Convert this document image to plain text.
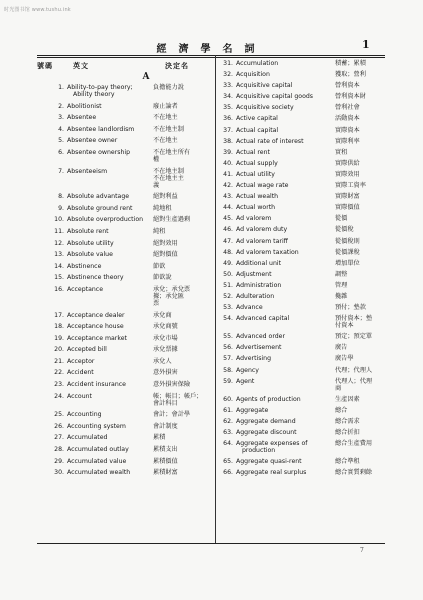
时光图书馆 www.tushu.ink
經濟學名詞	1
號碼	英文	決定名
A
1. Ability-to-pay theory;
Ability theory
負擔能力說
2. Abolitionist	廢止論者
3. Absentee	不在地主
4. Absentee landlordism	不在地主制
5. Absentee owner	不在地主
6. Absentee ownership	不在地主所有
權
7. Absenteeism	不在地主制
不在地主主
義
8. Absolute advantage	絕對利益
9. Absolute ground rent	純地租
10. Absolute overproduction	絕對生產過剩
11. Absolute rent	純租
12. Absolute utility	絕對效用
13. Absolute value	絕對價值
14. Abstinence	節欲
15. Abstinence theory	節欲說
16. Acceptance	承兌；承兌票
據；承兌匯
票
17. Acceptance dealer	承兌商
18. Acceptance house	承兌商號
19. Acceptance market	承兌市場
20. Accepted bill	承兌票據
21. Acceptor	承兌人
22. Accident	意外損害
23. Accident insurance	意外損害保險
24. Account	帳；帳目；帳戶；
會計科目
25. Accounting	會計；會計學
26. Accounting system	會計制度
27. Accumulated	累積
28. Accumulated outlay	累積支出
29. Accumulated value	累積價值
30. Accumulated wealth	累積財富
31. Accumulation	積蓄；累積
32. Acquisition	獲取；營利
33. Acquisitive capital	營利資本
34. Acquisitive capital goods	營利資本財
35. Acquisitive society	營利社會
36. Active capital	活動資本
37. Actual capital	實際資本
38. Actual rate of interest	實際利率
39. Actual rent	實租
40. Actual supply	實際供給
41. Actual utility	實際效用
42. Actual wage rate	實際工資率
43. Actual wealth	實際財富
44. Actual worth	實際價值
45. Ad valorem	從價
46. Ad valorem duty	從價稅
47. Ad valorem tariff	從價稅則
48. Ad valorem taxation	從價課稅
49. Additional unit	增加單位
50. Adjustment	調整
51. Administration	管理
52. Adulteration	攙雜
53. Advance	預付；墊款
54. Advanced capital	預付資本；墊
付資本
55. Advanced order	預定；預定單
56. Advertisement	廣告
57. Advertising	廣告學
58. Agency	代理；代理人
59. Agent	代理人；代理
商
60. Agents of production	生產因素
61. Aggregate	總合
62. Aggregate demand	總合需求
63. Aggregate discount	總合折扣
64. Aggregate expenses of
production
總合生產費用
65. Aggregate quasi-rent	總合準租
66. Aggregate real surplus	總合實質剩餘
7
